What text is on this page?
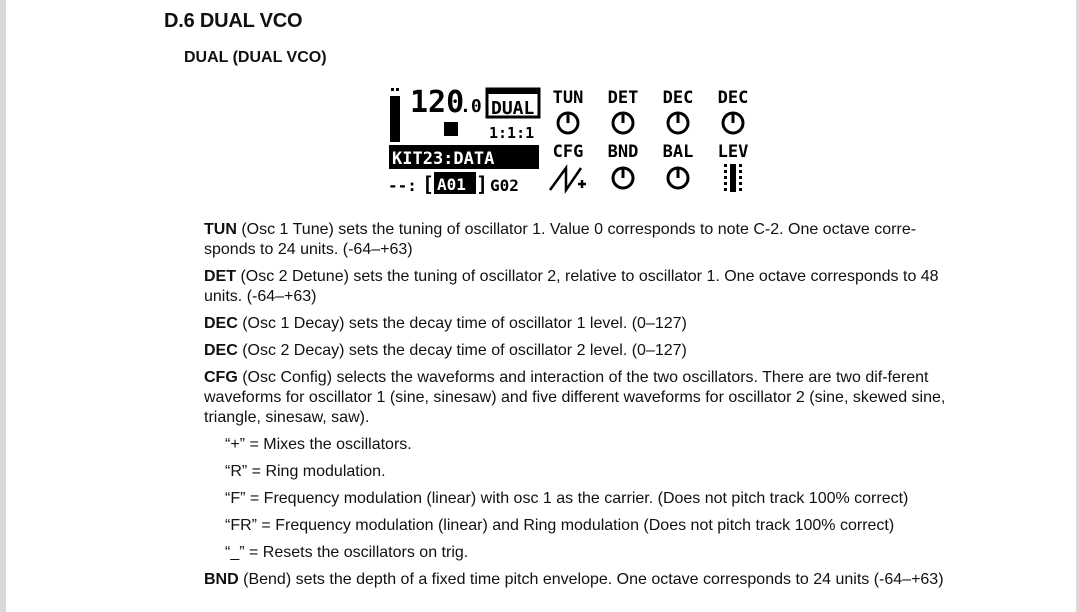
D.6 DUAL VCO
DUAL (DUAL VCO)
120
.0 DUAL
1:1:1
KIT23:DATA
--: [ A01 ] G02
TUN DET DEC DEC
CFG BND BAL LEV

TUN (Osc 1 Tune) sets the tuning of oscillator 1. Value 0 corresponds to note C-2. One octave corre-sponds to 24 units. (-64–+63)

DET (Osc 2 Detune) sets the tuning of oscillator 2, relative to oscillator 1. One octave corresponds to 48 units. (-64–+63)

DEC (Osc 1 Decay) sets the decay time of oscillator 1 level. (0–127)

DEC (Osc 2 Decay) sets the decay time of oscillator 2 level. (0–127)

CFG (Osc Config) selects the waveforms and interaction of the two oscillators. There are two dif-ferent waveforms for oscillator 1 (sine, sinesaw) and five different waveforms for oscillator 2 (sine, skewed sine, triangle, sinesaw, saw).

“+” = Mixes the oscillators.

“R” = Ring modulation.

“F” = Frequency modulation (linear) with osc 1 as the carrier. (Does not pitch track 100% correct)

“FR” = Frequency modulation (linear) and Ring modulation (Does not pitch track 100% correct)

“_” = Resets the oscillators on trig.

BND (Bend) sets the depth of a fixed time pitch envelope. One octave corresponds to 24 units (-64–+63)
